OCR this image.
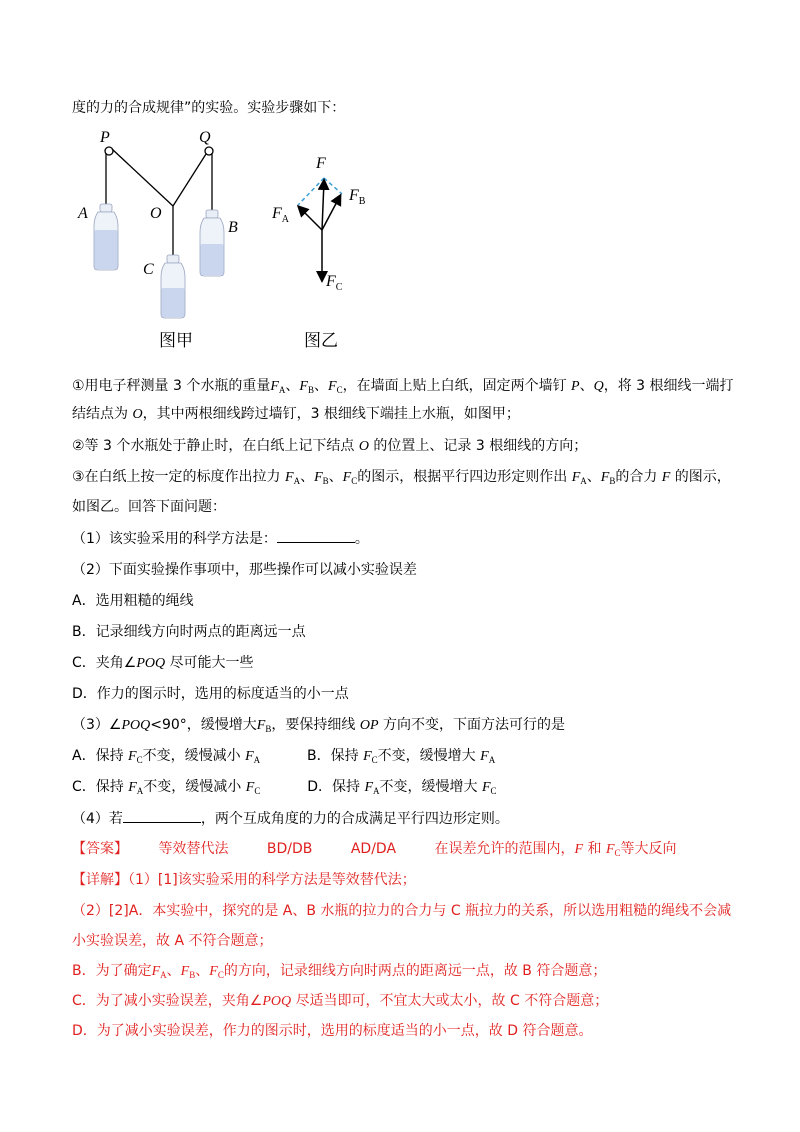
度的力的合成规律”的实验。实验步骤如下：
P	Q
A	O
B
C
F
$F_A$
$F_B$
$F_C$
图甲	图乙
①用电子秤测量 3 个水瓶的重量$F_A$、$F_B$、$F_C$，在墙面上贴上白纸，固定两个墙钉 P、Q，将 3 根细线一端打
结结点为 O，其中两根细线跨过墙钉，3 根细线下端挂上水瓶，如图甲；
②等 3 个水瓶处于静止时，在白纸上记下结点 O 的位置上、记录 3 根细线的方向；
③在白纸上按一定的标度作出拉力 $F_A$、$F_B$、$F_C$的图示，根据平行四边形定则作出 $F_A$、$F_B$的合力 F 的图示，
如图乙。回答下面问题：
（1）该实验采用的科学方法是：	。
（2）下面实验操作事项中，那些操作可以减小实验误差
A．选用粗糙的绳线
B．记录细线方向时两点的距离远一点
C．夹角∠POQ 尽可能大一些
D．作力的图示时，选用的标度适当的小一点
（3）∠POQ<90°，缓慢增大$F_B$，要保持细线 OP 方向不变，下面方法可行的是
A．保持 $F_C$不变，缓慢减小 $F_A$	B．保持 $F_C$不变，缓慢增大 $F_A$
C．保持 $F_A$不变，缓慢减小 $F_C$	D．保持 $F_A$不变，缓慢增大 $F_C$
（4）若	，两个互成角度的力的合成满足平行四边形定则。
【答案】 等效替代法	BD/DB	AD/DA	在误差允许的范围内，F 和 $F_C$等大反向
【详解】（1）[1]该实验采用的科学方法是等效替代法；
（2）[2]A．本实验中，探究的是 A、B 水瓶的拉力的合力与 C 瓶拉力的关系，所以选用粗糙的绳线不会减
小实验误差，故 A 不符合题意；
B．为了确定$F_A$、$F_B$、$F_C$的方向，记录细线方向时两点的距离远一点，故 B 符合题意；
C．为了减小实验误差，夹角∠POQ 尽适当即可，不宜太大或太小，故 C 不符合题意；
D．为了减小实验误差，作力的图示时，选用的标度适当的小一点，故 D 符合题意。
